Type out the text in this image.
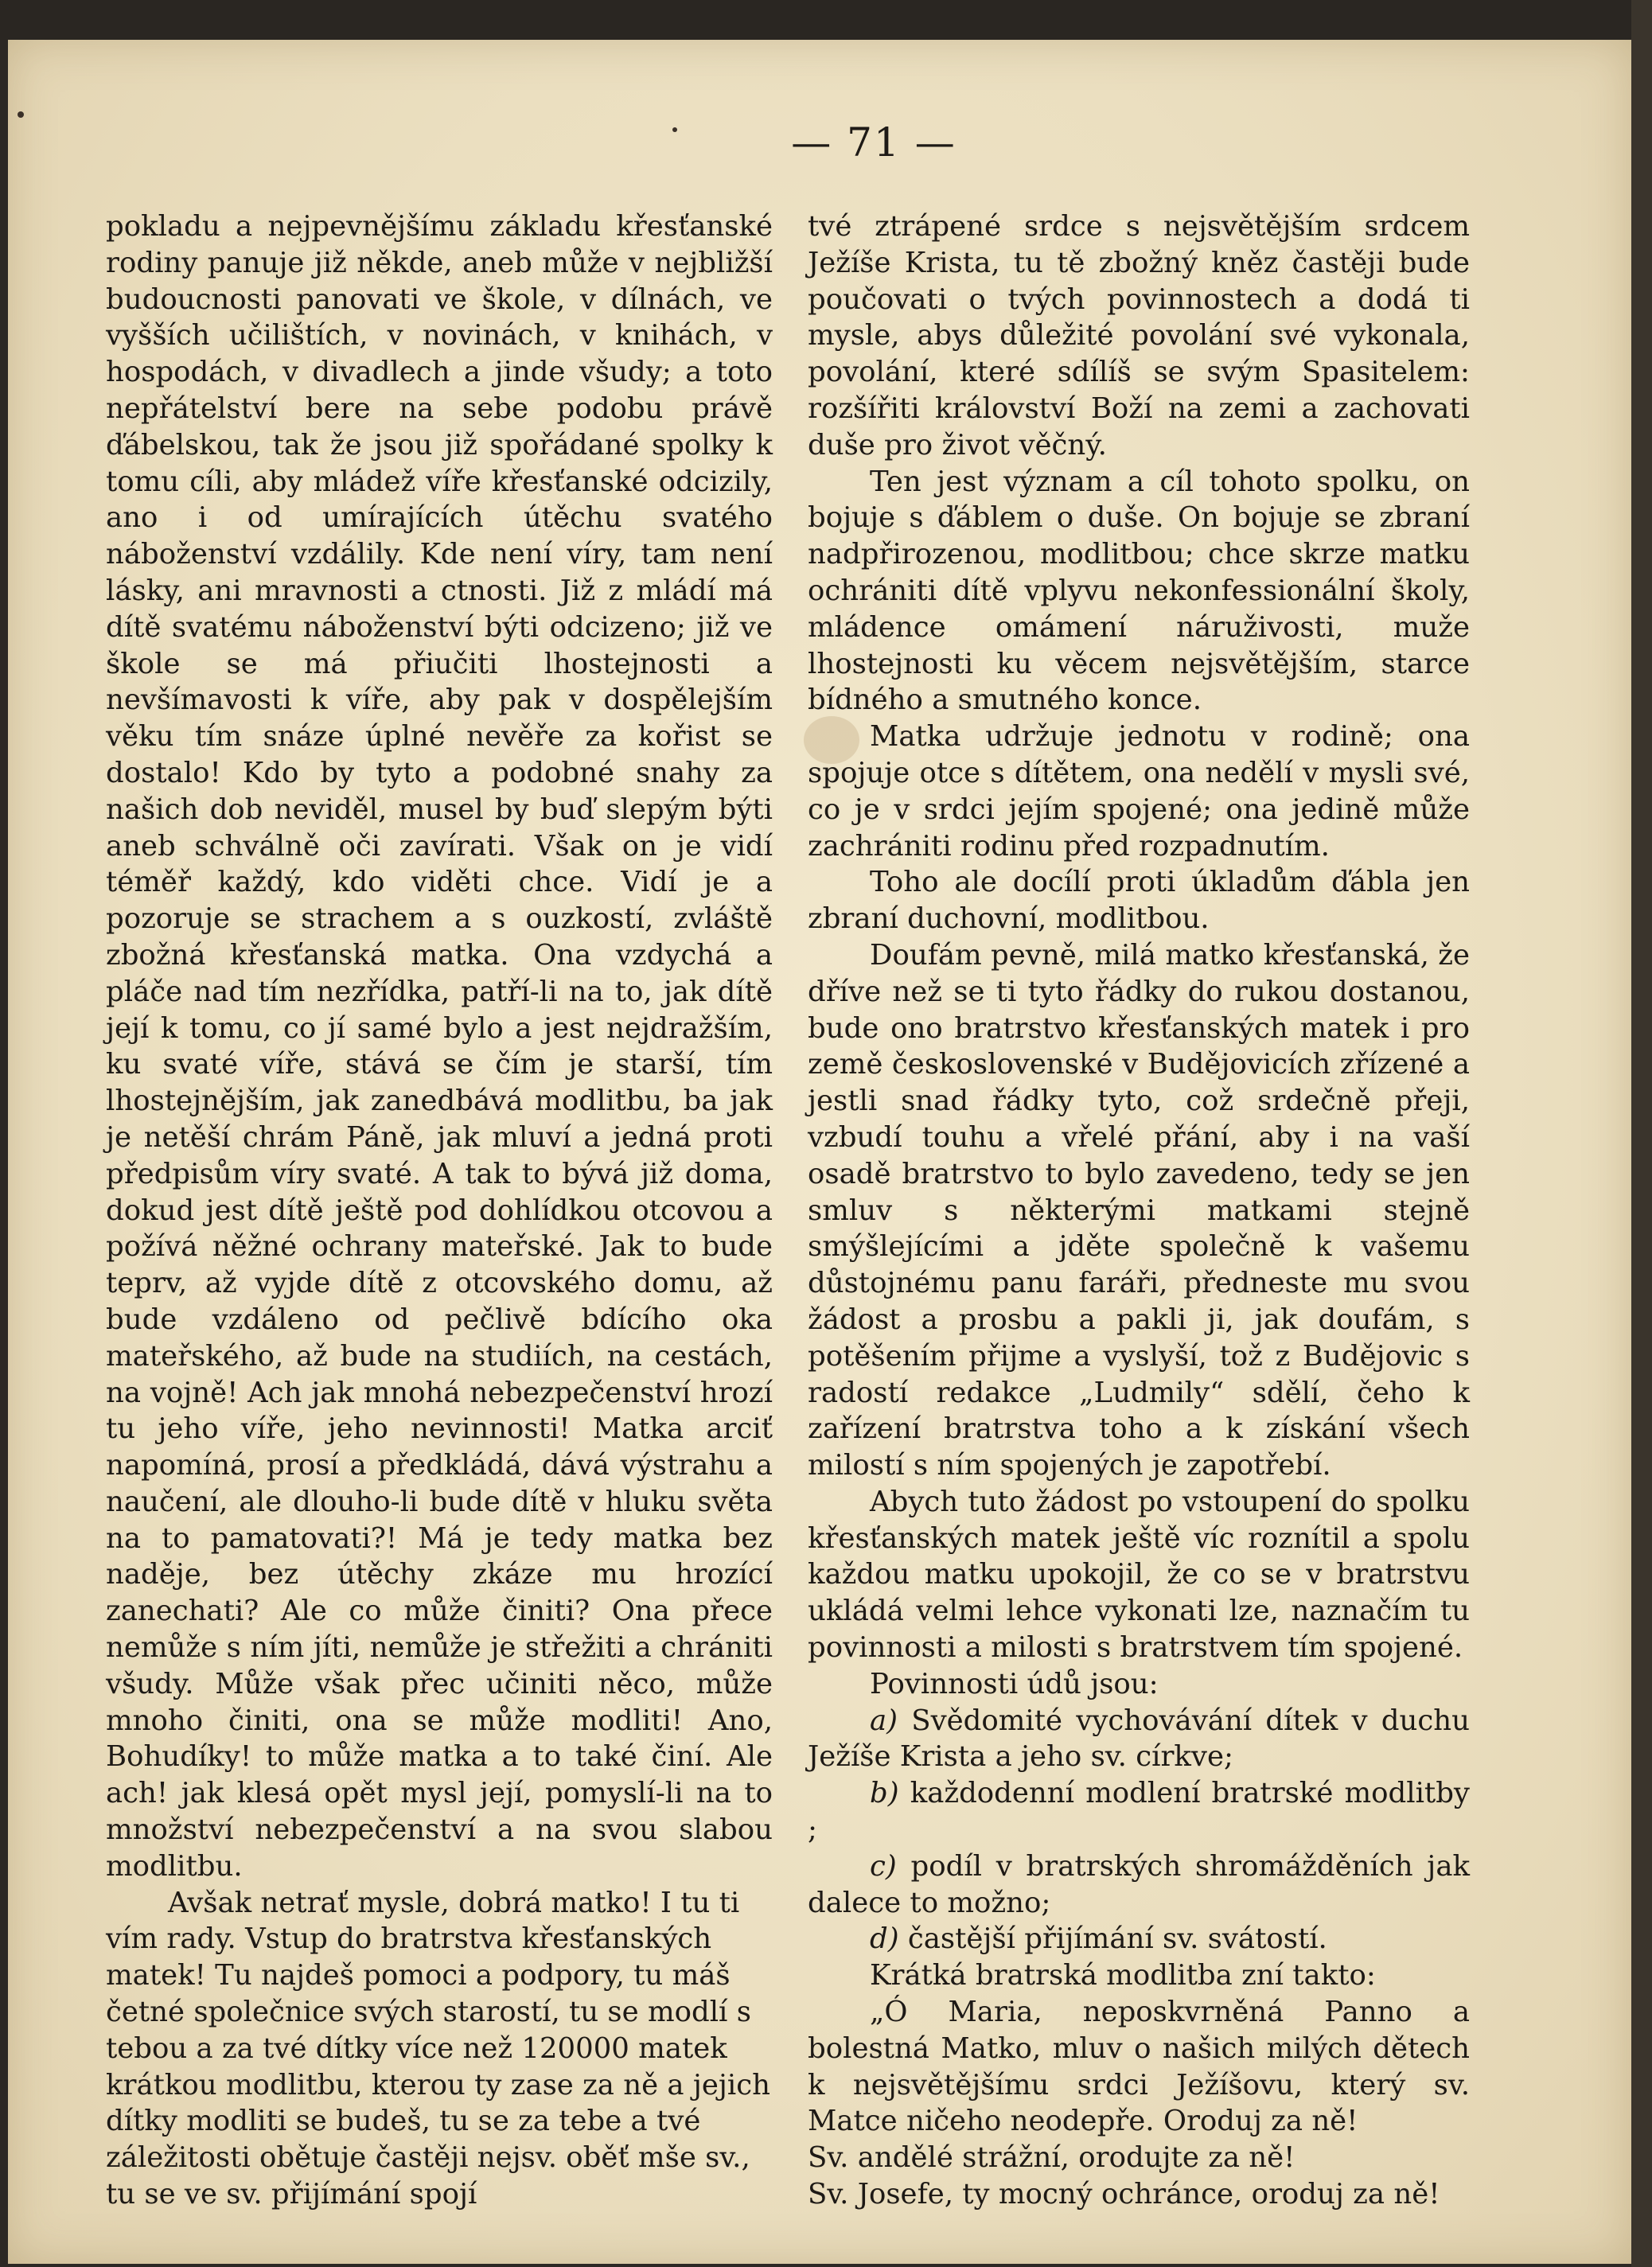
— 71 —

pokladu a nejpevnějšímu základu křesťanské rodiny panuje již někde, aneb může v nejbližší budoucnosti panovati ve škole, v dílnách, ve vyšších učilištích, v novinách, v knihách, v hospodách, v divadlech a jinde všudy; a toto nepřátelství bere na sebe podobu právě ďábelskou, tak že jsou již spořádané spolky k tomu cíli, aby mládež víře křesťanské odcizily, ano i od umírajících útěchu svatého náboženství vzdálily. Kde není víry, tam není lásky, ani mravnosti a ctnosti. Již z mládí má dítě svatému náboženství býti odcizeno; již ve škole se má přiučiti lhostejnosti a nevšímavosti k víře, aby pak v dospělejším věku tím snáze úplné nevěře za kořist se dostalo! Kdo by tyto a podobné snahy za našich dob neviděl, musel by buď slepým býti aneb schválně oči zavírati. Však on je vidí téměř každý, kdo viděti chce. Vidí je a pozoruje se strachem a s ouzkostí, zvláště zbožná křesťanská matka. Ona vzdychá a pláče nad tím nezřídka, patří-li na to, jak dítě její k tomu, co jí samé bylo a jest nejdražším, ku svaté víře, stává se čím je starší, tím lhostejnějším, jak zanedbává modlitbu, ba jak je netěší chrám Páně, jak mluví a jedná proti předpisům víry svaté. A tak to bývá již doma, dokud jest dítě ještě pod dohlídkou otcovou a požívá něžné ochrany mateřské. Jak to bude teprv, až vyjde dítě z otcovského domu, až bude vzdáleno od pečlivě bdícího oka mateřského, až bude na studiích, na cestách, na vojně! Ach jak mnohá nebezpečenství hrozí tu jeho víře, jeho nevinnosti! Matka arciť napomíná, prosí a předkládá, dává výstrahu a naučení, ale dlouho-li bude dítě v hluku světa na to pamatovati?! Má je tedy matka bez naděje, bez útěchy zkáze mu hrozící zanechati? Ale co může činiti? Ona přece nemůže s ním jíti, nemůže je střežiti a chrániti všudy. Může však přec učiniti něco, může mnoho činiti, ona se může modliti! Ano, Bohudíky! to může matka a to také činí. Ale ach! jak klesá opět mysl její, pomyslí-li na to množství nebezpečenství a na svou slabou modlitbu.

Avšak netrať mysle, dobrá matko! I tu ti vím rady. Vstup do bratrstva křesťanských matek! Tu najdeš pomoci a podpory, tu máš četné společnice svých starostí, tu se modlí s tebou a za tvé dítky více než 120000 matek krátkou modlitbu, kterou ty zase za ně a jejich dítky modliti se budeš, tu se za tebe a tvé záležitosti obětuje častěji nejsv. oběť mše sv., tu se ve sv. přijímání spojí

tvé ztrápené srdce s nejsvětějším srdcem Ježíše Krista, tu tě zbožný kněz častěji bude poučovati o tvých povinnostech a dodá ti mysle, abys důležité povolání své vykonala, povolání, které sdílíš se svým Spasitelem: rozšířiti království Boží na zemi a zachovati duše pro život věčný.

Ten jest význam a cíl tohoto spolku, on bojuje s ďáblem o duše. On bojuje se zbraní nadpřirozenou, modlitbou; chce skrze matku ochrániti dítě vplyvu nekonfessionální školy, mládence omámení náruživosti, muže lhostejnosti ku věcem nejsvětějším, starce bídného a smutného konce.

Matka udržuje jednotu v rodině; ona spojuje otce s dítětem, ona nedělí v mysli své, co je v srdci jejím spojené; ona jedině může zachrániti rodinu před rozpadnutím.

Toho ale docílí proti úkladům ďábla jen zbraní duchovní, modlitbou.

Doufám pevně, milá matko křesťanská, že dříve než se ti tyto řádky do rukou dostanou, bude ono bratrstvo křesťanských matek i pro země československé v Budějovicích zřízené a jestli snad řádky tyto, což srdečně přeji, vzbudí touhu a vřelé přání, aby i na vaší osadě bratrstvo to bylo zavedeno, tedy se jen smluv s některými matkami stejně smýšlejícími a jděte společně k vašemu důstojnému panu faráři, předneste mu svou žádost a prosbu a pakli ji, jak doufám, s potěšením přijme a vyslyší, tož z Budějovic s radostí redakce „Ludmily“ sdělí, čeho k zařízení bratrstva toho a k získání všech milostí s ním spojených je zapotřebí.

Abych tuto žádost po vstoupení do spolku křesťanských matek ještě víc roznítil a spolu každou matku upokojil, že co se v bratrstvu ukládá velmi lehce vykonati lze, naznačím tu povinnosti a milosti s bratrstvem tím spojené.

Povinnosti údů jsou:

a) Svědomité vychovávání dítek v duchu Ježíše Krista a jeho sv. církve;

b) každodenní modlení bratrské modlitby ;

c) podíl v bratrských shromážděních jak dalece to možno;

d) častější přijímání sv. svátostí.

Krátká bratrská modlitba zní takto:

„Ó Maria, neposkvrněná Panno a bolestná Matko, mluv o našich milých dětech k nejsvětějšímu srdci Ježíšovu, který sv. Matce ničeho neodepře. Oroduj za ně!

Sv. andělé strážní, orodujte za ně!

Sv. Josefe, ty mocný ochránce, oroduj za ně!
